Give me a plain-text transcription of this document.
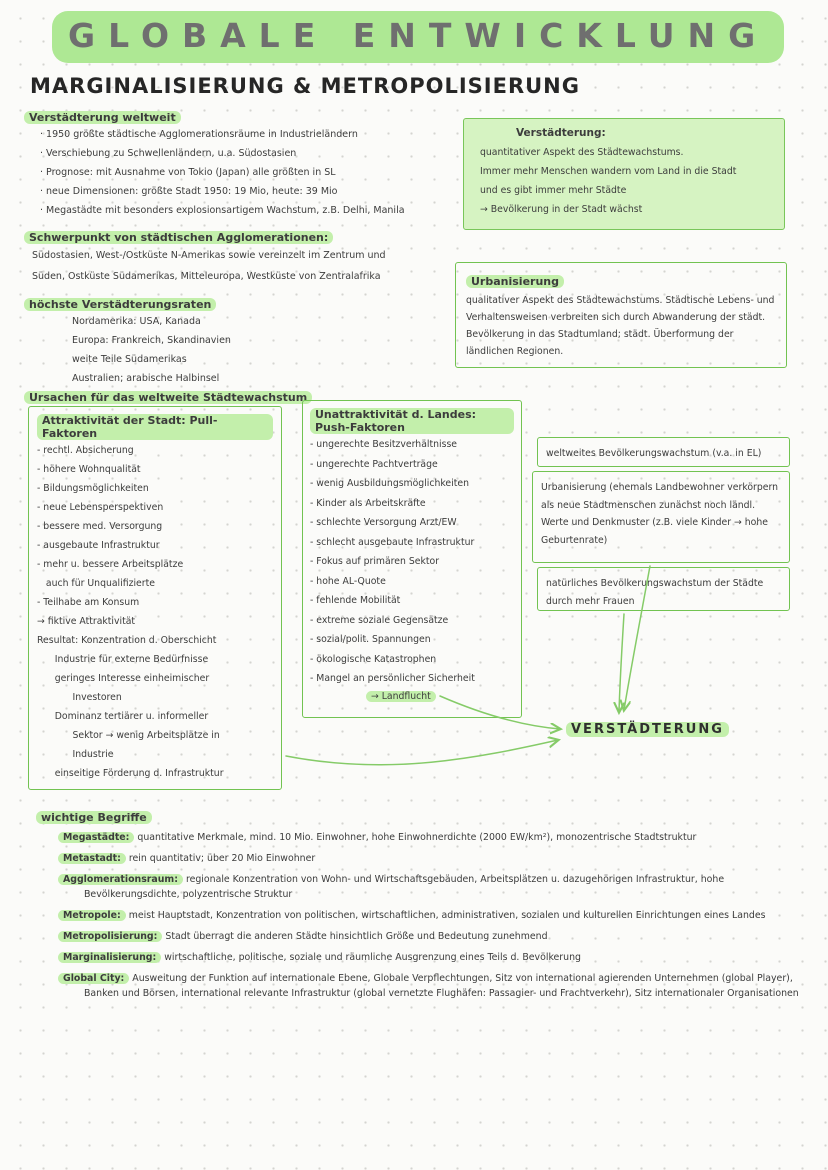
GLOBALE ENTWICKLUNG
MARGINALISIERUNG & METROPOLISIERUNG
Verstädterung weltweit
· 1950 größte städtische Agglomerationsräume in Industrieländern
· Verschiebung zu Schwellenländern, u.a. Südostasien
· Prognose: mit Ausnahme von Tokio (Japan) alle größten in SL
· neue Dimensionen: größte Stadt 1950: 19 Mio, heute: 39 Mio
· Megastädte mit besonders explosionsartigem Wachstum, z.B. Delhi, Manila
Schwerpunkt von städtischen Agglomerationen:
Südostasien, West-/Ostküste N-Amerikas sowie vereinzelt im Zentrum und
Süden, Ostküste Südamerikas, Mitteleuropa, Westküste von Zentralafrika
höchste Verstädterungsraten
Nordamerika: USA, Kanada
Europa: Frankreich, Skandinavien
weite Teile Südamerikas
Australien; arabische Halbinsel
Ursachen für das weltweite Städtewachstum
Attraktivität der Stadt: Pull-Faktoren
- rechtl. Absicherung
- höhere Wohnqualität
- Bildungsmöglichkeiten
- neue Lebensperspektiven
- bessere med. Versorgung
- ausgebaute Infrastruktur
- mehr u. bessere Arbeitsplätze
auch für Unqualifizierte
- Teilhabe am Konsum
→ fiktive Attraktivität
Resultat: Konzentration d. Oberschicht
Industrie für externe Bedürfnisse
geringes Interesse einheimischer
Investoren
Dominanz tertiärer u. informeller
Sektor → wenig Arbeitsplätze in
Industrie
einseitige Förderung d. Infrastruktur
Unattraktivität d. Landes: Push-Faktoren
- ungerechte Besitzverhältnisse
- ungerechte Pachtverträge
- wenig Ausbildungsmöglichkeiten
- Kinder als Arbeitskräfte
- schlechte Versorgung Arzt/EW
- schlecht ausgebaute Infrastruktur
- Fokus auf primären Sektor
- hohe AL-Quote
- fehlende Mobilität
- extreme soziale Gegensätze
- sozial/polit. Spannungen
- ökologische Katastrophen
- Mangel an persönlicher Sicherheit
→ Landflucht
Verstädterung:
quantitativer Aspekt des Städtewachstums.
Immer mehr Menschen wandern vom Land in die Stadt
und es gibt immer mehr Städte
→ Bevölkerung in der Stadt wächst
Urbanisierung
qualitativer Aspekt des Städtewachstums. Städtische Lebens- und Verhaltensweisen verbreiten sich durch Abwanderung der städt. Bevölkerung in das Stadtumland; städt. Überformung der ländlichen Regionen.
weltweites Bevölkerungswachstum (v.a. in EL)
Urbanisierung (ehemals Landbewohner verkörpern als neue Stadtmenschen zunächst noch ländl. Werte und Denkmuster (z.B. viele Kinder → hohe Geburtenrate)
natürliches Bevölkerungswachstum der Städte durch mehr Frauen
VERSTÄDTERUNG
wichtige Begriffe
Megastädte: quantitative Merkmale, mind. 10 Mio. Einwohner, hohe Einwohnerdichte (2000 EW/km²), monozentrische Stadtstruktur
Metastadt: rein quantitativ; über 20 Mio Einwohner
Agglomerationsraum: regionale Konzentration von Wohn- und Wirtschaftsgebäuden, Arbeitsplätzen u. dazugehörigen Infrastruktur, hohe Bevölkerungsdichte, polyzentrische Struktur
Metropole: meist Hauptstadt, Konzentration von politischen, wirtschaftlichen, administrativen, sozialen und kulturellen Einrichtungen eines Landes
Metropolisierung: Stadt überragt die anderen Städte hinsichtlich Größe und Bedeutung zunehmend
Marginalisierung: wirtschaftliche, politische, soziale und räumliche Ausgrenzung eines Teils d. Bevölkerung
Global City: Ausweitung der Funktion auf internationale Ebene, Globale Verpflechtungen, Sitz von international agierenden Unternehmen (global Player), Banken und Börsen, international relevante Infrastruktur (global vernetzte Flughäfen: Passagier- und Frachtverkehr), Sitz internationaler Organisationen
